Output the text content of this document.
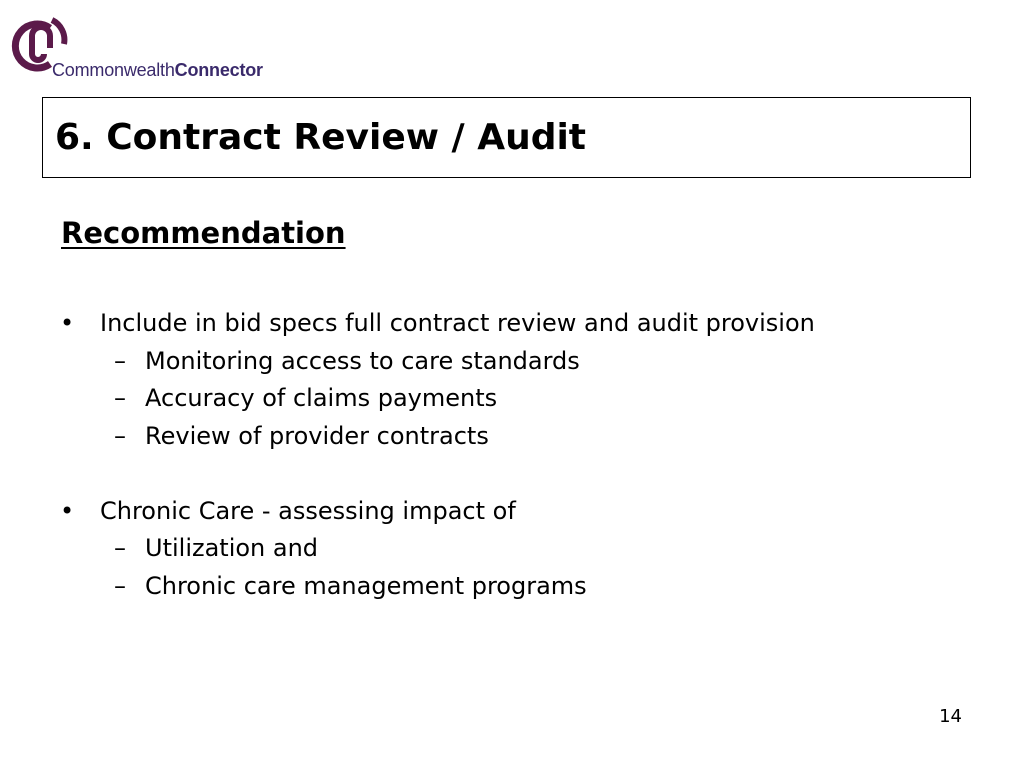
CommonwealthConnector
6. Contract Review / Audit
Recommendation
• Include in bid specs full contract review and audit provision
– Monitoring access to care standards
– Accuracy of claims payments
– Review of provider contracts
• Chronic Care - assessing impact of
– Utilization and
– Chronic care management programs
14
